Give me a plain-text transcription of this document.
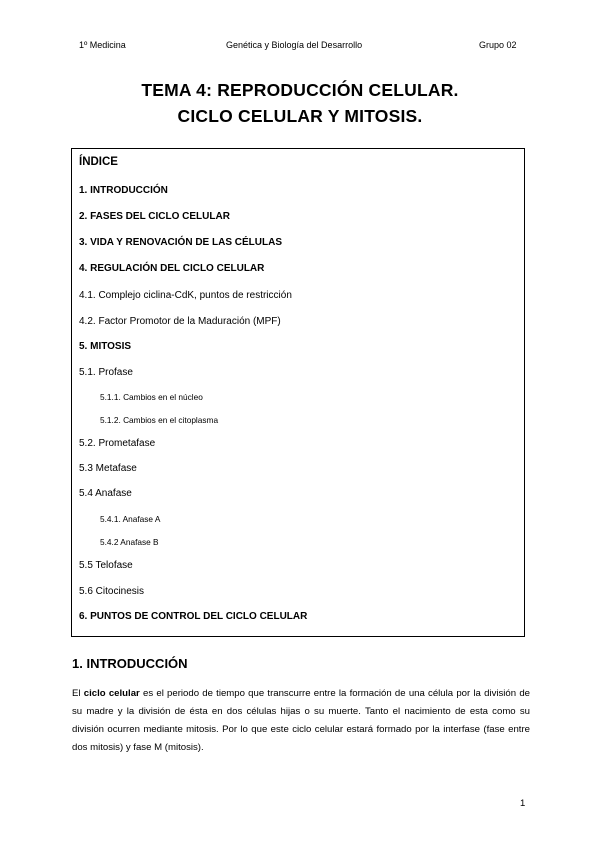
1º Medicina	Genética y Biología del Desarrollo	Grupo 02
TEMA 4: REPRODUCCIÓN CELULAR.
CICLO CELULAR Y MITOSIS.
ÍNDICE
1. INTRODUCCIÓN
2. FASES DEL CICLO CELULAR
3. VIDA Y RENOVACIÓN DE LAS CÉLULAS
4. REGULACIÓN DEL CICLO CELULAR
4.1. Complejo ciclina-CdK, puntos de restricción
4.2. Factor Promotor de la Maduración (MPF)
5. MITOSIS
5.1. Profase
5.1.1. Cambios en el núcleo
5.1.2. Cambios en el citoplasma
5.2. Prometafase
5.3 Metafase
5.4 Anafase
5.4.1. Anafase A
5.4.2 Anafase B
5.5 Telofase
5.6 Citocinesis
6. PUNTOS DE CONTROL DEL CICLO CELULAR
1. INTRODUCCIÓN

El ciclo celular es el periodo de tiempo que transcurre entre la formación de una célula por la división de su madre y la división de ésta en dos células hijas o su muerte. Tanto el nacimiento de esta como su división ocurren mediante mitosis. Por lo que este ciclo celular estará formado por la interfase (fase entre dos mitosis) y fase M (mitosis).

1
